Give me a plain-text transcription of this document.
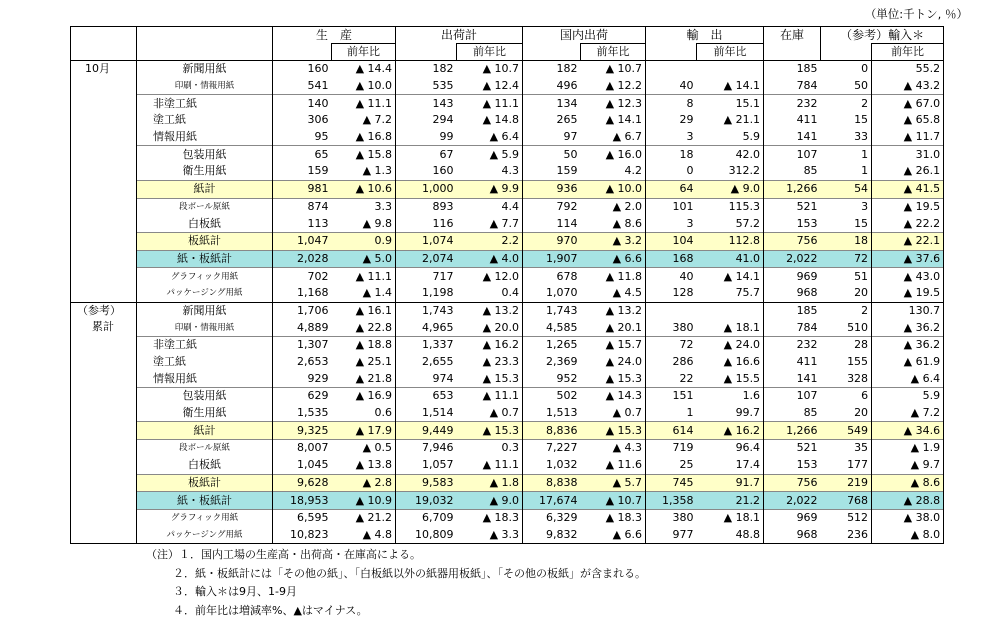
（単位:千トン, ％）
		生　産		出荷計		国内出荷		輸　出		在庫	（参考）輸入＊	
			前年比		前年比		前年比		前年比			前年比

10月	新聞用紙	160	▲ 14.4	182	▲ 10.7	182	▲ 10.7			185	0	55.2
	印刷・情報用紙	541	▲ 10.0	535	▲ 12.4	496	▲ 12.2	40	▲ 14.1	784	50	▲ 43.2
	非塗工紙	140	▲ 11.1	143	▲ 11.1	134	▲ 12.3	8	15.1	232	2	▲ 67.0
	塗工紙	306	▲ 7.2	294	▲ 14.8	265	▲ 14.1	29	▲ 21.1	411	15	▲ 65.8
	情報用紙	95	▲ 16.8	99	▲ 6.4	97	▲ 6.7	3	5.9	141	33	▲ 11.7
	包装用紙	65	▲ 15.8	67	▲ 5.9	50	▲ 16.0	18	42.0	107	1	31.0
	衛生用紙	159	▲ 1.3	160	4.3	159	4.2	0	312.2	85	1	▲ 26.1
	紙計	981	▲ 10.6	1,000	▲ 9.9	936	▲ 10.0	64	▲ 9.0	1,266	54	▲ 41.5
	段ボール原紙	874	3.3	893	4.4	792	▲ 2.0	101	115.3	521	3	▲ 19.5
	白板紙	113	▲ 9.8	116	▲ 7.7	114	▲ 8.6	3	57.2	153	15	▲ 22.2
	板紙計	1,047	0.9	1,074	2.2	970	▲ 3.2	104	112.8	756	18	▲ 22.1
	紙・板紙計	2,028	▲ 5.0	2,074	▲ 4.0	1,907	▲ 6.6	168	41.0	2,022	72	▲ 37.6
	グラフィック用紙	702	▲ 11.1	717	▲ 12.0	678	▲ 11.8	40	▲ 14.1	969	51	▲ 43.0
	パッケージング用紙	1,168	▲ 1.4	1,198	0.4	1,070	▲ 4.5	128	75.7	968	20	▲ 19.5

（参考）
累計	新聞用紙	1,706	▲ 16.1	1,743	▲ 13.2	1,743	▲ 13.2			185	2	130.7
	印刷・情報用紙	4,889	▲ 22.8	4,965	▲ 20.0	4,585	▲ 20.1	380	▲ 18.1	784	510	▲ 36.2
	非塗工紙	1,307	▲ 18.8	1,337	▲ 16.2	1,265	▲ 15.7	72	▲ 24.0	232	28	▲ 36.2
	塗工紙	2,653	▲ 25.1	2,655	▲ 23.3	2,369	▲ 24.0	286	▲ 16.6	411	155	▲ 61.9
	情報用紙	929	▲ 21.8	974	▲ 15.3	952	▲ 15.3	22	▲ 15.5	141	328	▲ 6.4
	包装用紙	629	▲ 16.9	653	▲ 11.1	502	▲ 14.3	151	1.6	107	6	5.9
	衛生用紙	1,535	0.6	1,514	▲ 0.7	1,513	▲ 0.7	1	99.7	85	20	▲ 7.2
	紙計	9,325	▲ 17.9	9,449	▲ 15.3	8,836	▲ 15.3	614	▲ 16.2	1,266	549	▲ 34.6
	段ボール原紙	8,007	▲ 0.5	7,946	0.3	7,227	▲ 4.3	719	96.4	521	35	▲ 1.9
	白板紙	1,045	▲ 13.8	1,057	▲ 11.1	1,032	▲ 11.6	25	17.4	153	177	▲ 9.7
	板紙計	9,628	▲ 2.8	9,583	▲ 1.8	8,838	▲ 5.7	745	91.7	756	219	▲ 8.6
	紙・板紙計	18,953	▲ 10.9	19,032	▲ 9.0	17,674	▲ 10.7	1,358	21.2	2,022	768	▲ 28.8
	グラフィック用紙	6,595	▲ 21.2	6,709	▲ 18.3	6,329	▲ 18.3	380	▲ 18.1	969	512	▲ 38.0
	パッケージング用紙	10,823	▲ 4.8	10,809	▲ 3.3	9,832	▲ 6.6	977	48.8	968	236	▲ 8.0
（注）１．国内工場の生産高・出荷高・在庫高による。
２．紙・板紙計には「その他の紙」、「白板紙以外の紙器用板紙」、「その他の板紙」が含まれる。
３．輸入＊は9月、1-9月
４．前年比は増減率%、▲はマイナス。
